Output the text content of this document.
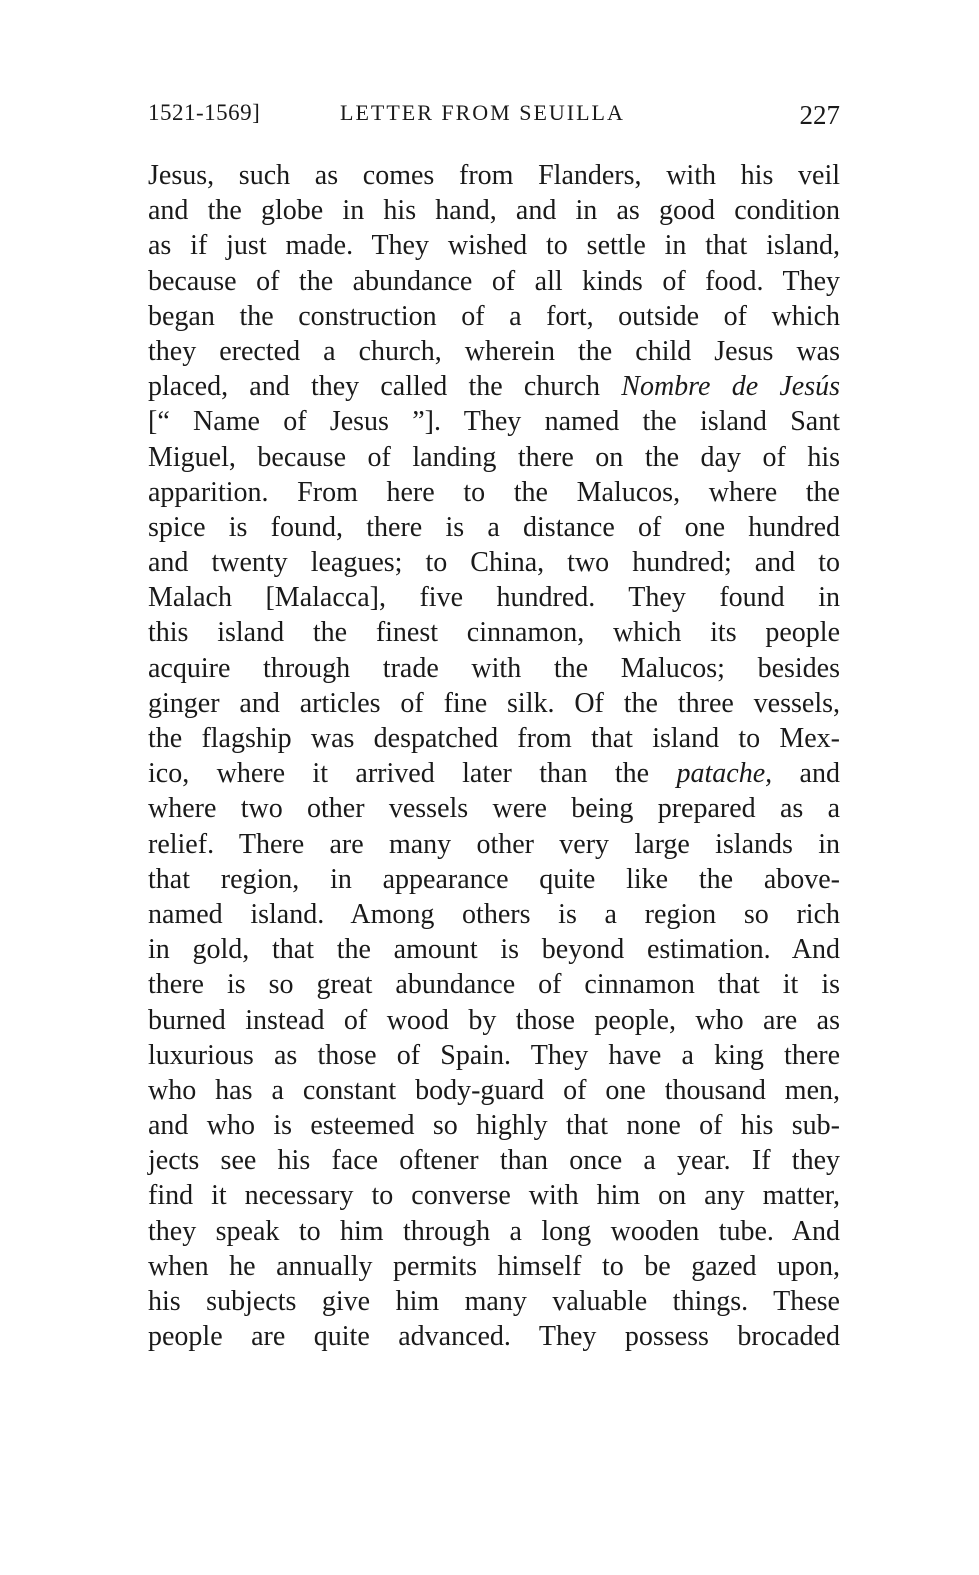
1521-1569]	LETTER FROM SEUILLA	227
Jesus, such as comes from Flanders, with his veil
and the globe in his hand, and in as good condition
as if just made. They wished to settle in that island,
because of the abundance of all kinds of food. They
began the construction of a fort, outside of which
they erected a church, wherein the child Jesus was
placed, and they called the church Nombre de Jesús
[“ Name of Jesus ”]. They named the island Sant
Miguel, because of landing there on the day of his
apparition. From here to the Malucos, where the
spice is found, there is a distance of one hundred
and twenty leagues; to China, two hundred; and to
Malach [Malacca], five hundred. They found in
this island the finest cinnamon, which its people
acquire through trade with the Malucos; besides
ginger and articles of fine silk. Of the three vessels,
the flagship was despatched from that island to Mex-
ico, where it arrived later than the patache, and
where two other vessels were being prepared as a
relief. There are many other very large islands in
that region, in appearance quite like the above-
named island. Among others is a region so rich
in gold, that the amount is beyond estimation. And
there is so great abundance of cinnamon that it is
burned instead of wood by those people, who are as
luxurious as those of Spain. They have a king there
who has a constant body-guard of one thousand men,
and who is esteemed so highly that none of his sub-
jects see his face oftener than once a year. If they
find it necessary to converse with him on any matter,
they speak to him through a long wooden tube. And
when he annually permits himself to be gazed upon,
his subjects give him many valuable things. These
people are quite advanced. They possess brocaded
